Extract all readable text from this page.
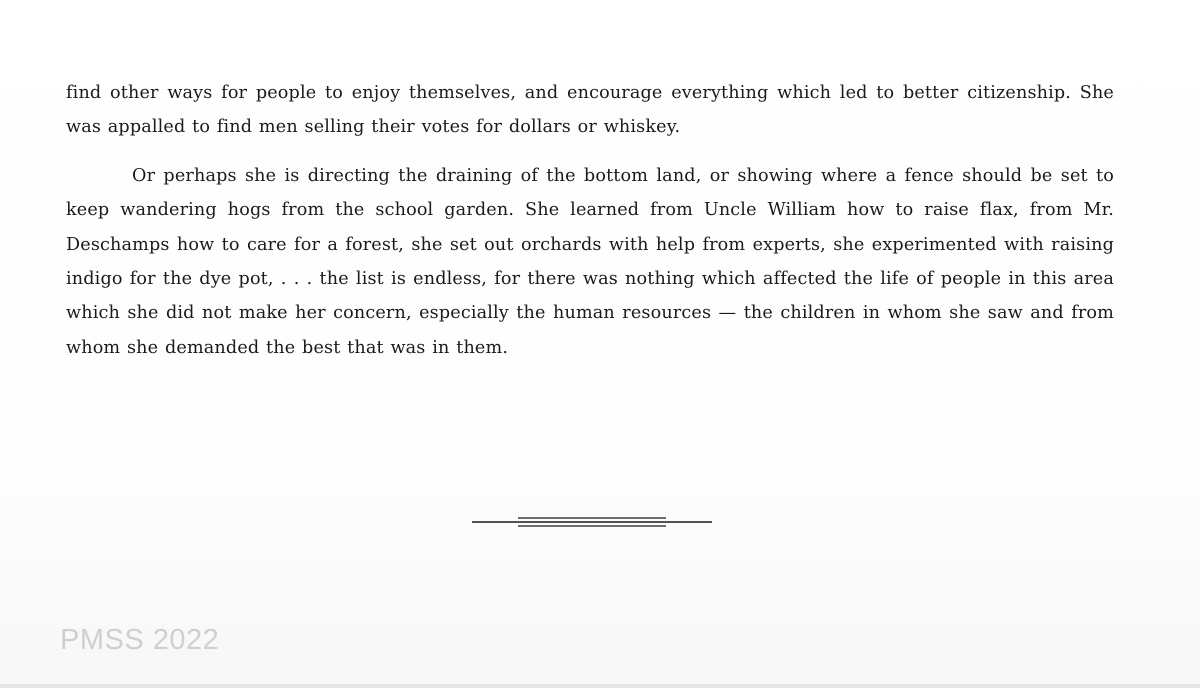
find other ways for people to enjoy themselves, and encourage everything which led to better citizenship. She was appalled to find men selling their votes for dollars or whiskey.

Or perhaps she is directing the draining of the bottom land, or showing where a fence should be set to keep wandering hogs from the school garden. She learned from Uncle William how to raise flax, from Mr. Deschamps how to care for a forest, she set out orchards with help from experts, she experimented with raising indigo for the dye pot, . . . the list is endless, for there was nothing which affected the life of people in this area which she did not make her concern, especially the human resources — the children in whom she saw and from whom she demanded the best that was in them.

PMSS 2022
